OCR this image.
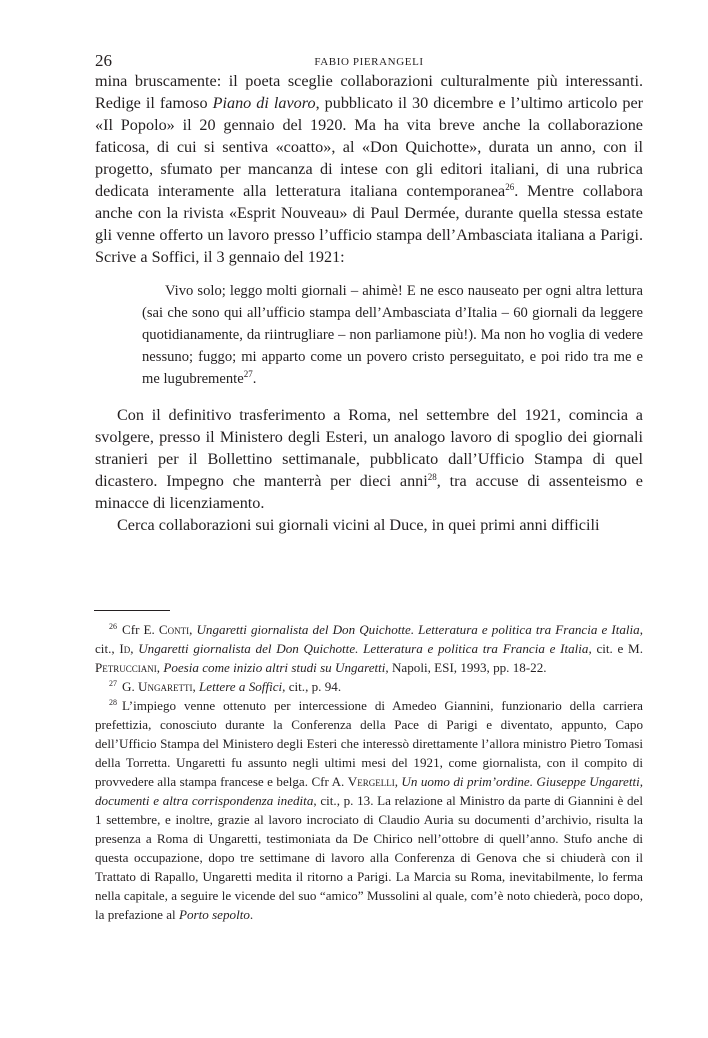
26	FABIO PIERANGELI

mina bruscamente: il poeta sceglie collaborazioni culturalmente più interessanti. Redige il famoso Piano di lavoro, pubblicato il 30 dicembre e l’ultimo articolo per «Il Popolo» il 20 gennaio del 1920. Ma ha vita breve anche la collaborazione faticosa, di cui si sentiva «coatto», al «Don Quichotte», durata un anno, con il progetto, sfumato per mancanza di intese con gli editori italiani, di una rubrica dedicata interamente alla letteratura italiana contemporanea$^{26}$. Mentre collabora anche con la rivista «Esprit Nouveau» di Paul Dermée, durante quella stessa estate gli venne offerto un lavoro presso l’ufficio stampa dell’Ambasciata italiana a Parigi. Scrive a Soffici, il 3 gennaio del 1921:

Vivo solo; leggo molti giornali – ahimè! E ne esco nauseato per ogni altra lettura (sai che sono qui all’ufficio stampa dell’Ambasciata d’Italia – 60 giornali da leggere quotidianamente, da riintrugliare – non parliamone più!). Ma non ho voglia di vedere nessuno; fuggo; mi apparto come un povero cristo perseguitato, e poi rido tra me e me lugubremente$^{27}$.

Con il definitivo trasferimento a Roma, nel settembre del 1921, comincia a svolgere, presso il Ministero degli Esteri, un analogo lavoro di spoglio dei giornali stranieri per il Bollettino settimanale, pubblicato dall’Ufficio Stampa di quel dicastero. Impegno che manterrà per dieci anni$^{28}$, tra accuse di assenteismo e minacce di licenziamento.

Cerca collaborazioni sui giornali vicini al Duce, in quei primi anni difficili

$^{26}$ Cfr E. Conti, Ungaretti giornalista del Don Quichotte. Letteratura e politica tra Francia e Italia, cit., Id, Ungaretti giornalista del Don Quichotte. Letteratura e politica tra Francia e Italia, cit. e M. Petrucciani, Poesia come inizio altri studi su Ungaretti, Napoli, ESI, 1993, pp. 18-22.

$^{27}$ G. Ungaretti, Lettere a Soffici, cit., p. 94.

$^{28}$ L’impiego venne ottenuto per intercessione di Amedeo Giannini, funzionario della carriera prefettizia, conosciuto durante la Conferenza della Pace di Parigi e diventato, appunto, Capo dell’Ufficio Stampa del Ministero degli Esteri che interessò direttamente l’allora ministro Pietro Tomasi della Torretta. Ungaretti fu assunto negli ultimi mesi del 1921, come giornalista, con il compito di provvedere alla stampa francese e belga. Cfr A. Vergelli, Un uomo di prim’ordine. Giuseppe Ungaretti, documenti e altra corrispondenza inedita, cit., p. 13. La relazione al Ministro da parte di Giannini è del 1 settembre, e inoltre, grazie al lavoro incrociato di Claudio Auria su documenti d’archivio, risulta la presenza a Roma di Ungaretti, testimoniata da De Chirico nell’ottobre di quell’anno. Stufo anche di questa occupazione, dopo tre settimane di lavoro alla Conferenza di Genova che si chiuderà con il Trattato di Rapallo, Ungaretti medita il ritorno a Parigi. La Marcia su Roma, inevitabilmente, lo ferma nella capitale, a seguire le vicende del suo “amico” Mussolini al quale, com’è noto chiederà, poco dopo, la prefazione al Porto sepolto.
